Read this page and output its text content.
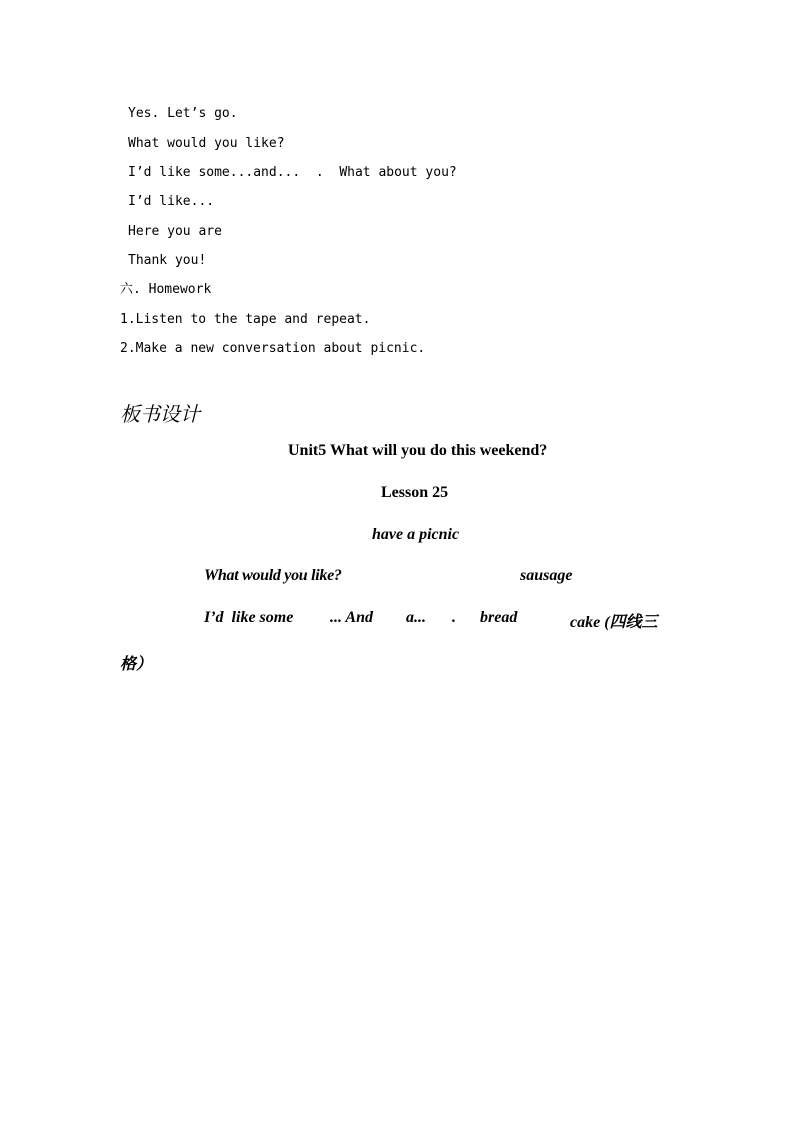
Yes. Let’s go.
What would you like?
I’d like some...and...  .  What about you?
I’d like...
Here you are
Thank you!
六. Homework
1.Listen to the tape and repeat.
2.Make a new conversation about picnic.
板书设计
Unit5 What will you do this weekend?
Lesson 25
have a picnic
What would you like?	sausage
I’d  like some ... And a... . bread	cake (四线三
格）
